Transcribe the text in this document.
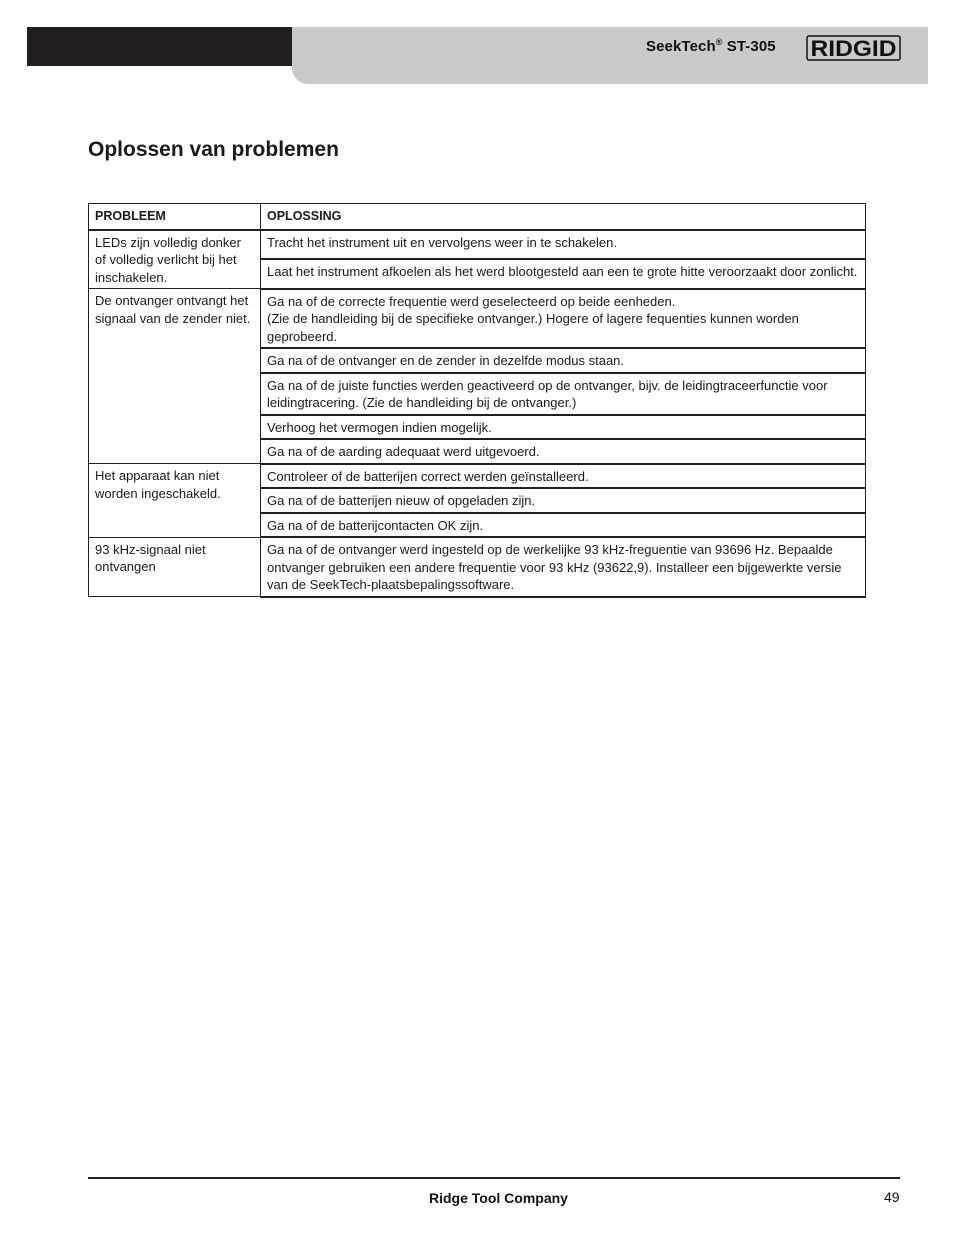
SeekTech® ST-305 RIDGID
Oplossen van problemen
PROBLEEM	OPLOSSING
LEDs zijn volledig donker of volledig verlicht bij het inschakelen.	Tracht het instrument uit en vervolgens weer in te schakelen.
	Laat het instrument afkoelen als het werd blootgesteld aan een te grote hitte veroorzaakt door zonlicht.
De ontvanger ontvangt het signaal van de zender niet.	Ga na of de correcte frequentie werd geselecteerd op beide eenheden.
(Zie de handleiding bij de specifieke ontvanger.) Hogere of lagere fequenties kunnen worden geprobeerd.
	Ga na of de ontvanger en de zender in dezelfde modus staan.
	Ga na of de juiste functies werden geactiveerd op de ontvanger, bijv. de leidingtraceerfunctie voor leidingtracering. (Zie de handleiding bij de ontvanger.)
	Verhoog het vermogen indien mogelijk.
	Ga na of de aarding adequaat werd uitgevoerd.
Het apparaat kan niet worden ingeschakeld.	Controleer of de batterijen correct werden geïnstalleerd.
	Ga na of de batterijen nieuw of opgeladen zijn.
	Ga na of de batterijcontacten OK zijn.
93 kHz-signaal niet ontvangen	Ga na of de ontvanger werd ingesteld op de werkelijke 93 kHz-freguentie van 93696 Hz. Bepaalde ontvanger gebruiken een andere frequentie voor 93 kHz (93622,9). Installeer een bijgewerkte versie van de SeekTech-plaatsbepalingssoftware.
Ridge Tool Company	49
